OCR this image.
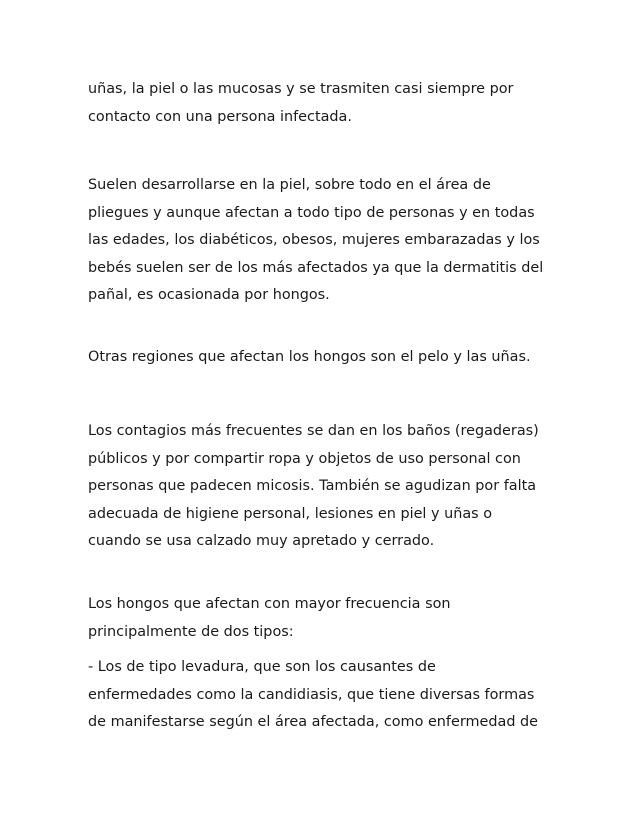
uñas, la piel o las mucosas y se trasmiten casi siempre por
contacto con una persona infectada.

Suelen desarrollarse en la piel, sobre todo en el área de
pliegues y aunque afectan a todo tipo de personas y en todas
las edades, los diabéticos, obesos, mujeres embarazadas y los
bebés suelen ser de los más afectados ya que la dermatitis del
pañal, es ocasionada por hongos.

Otras regiones que afectan los hongos son el pelo y las uñas.

Los contagios más frecuentes se dan en los baños (regaderas)
públicos y por compartir ropa y objetos de uso personal con
personas que padecen micosis. También se agudizan por falta
adecuada de higiene personal, lesiones en piel y uñas o
cuando se usa calzado muy apretado y cerrado.

Los hongos que afectan con mayor frecuencia son
principalmente de dos tipos:

- Los de tipo levadura, que son los causantes de
enfermedades como la candidiasis, que tiene diversas formas
de manifestarse según el área afectada, como enfermedad de
